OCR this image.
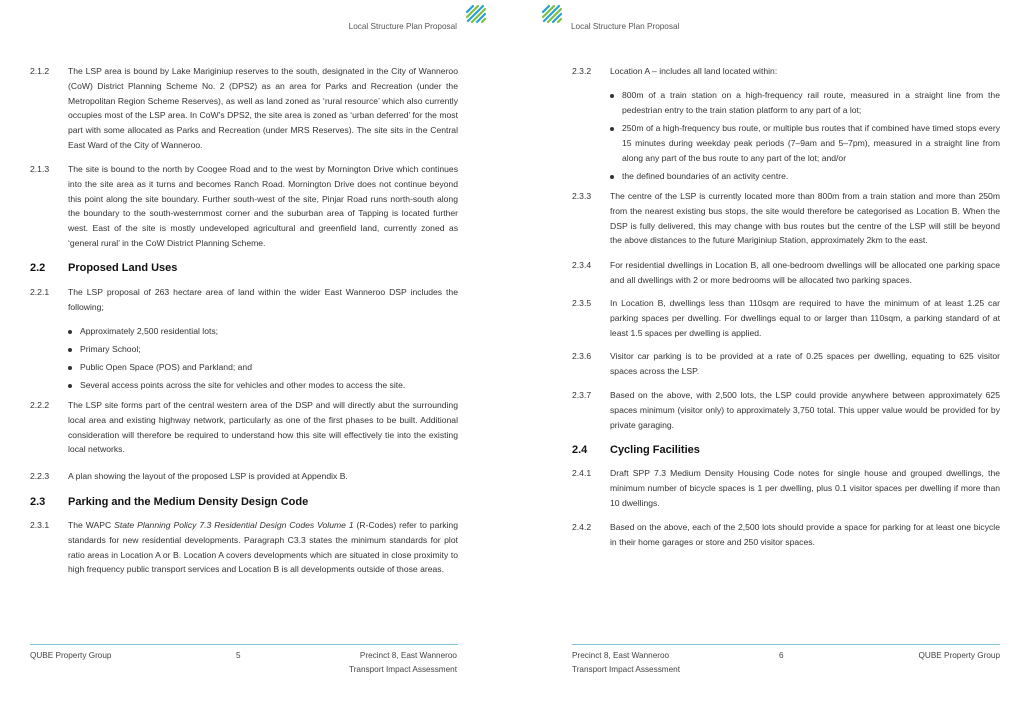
Local Structure Plan Proposal
2.1.2	The LSP area is bound by Lake Mariginiup reserves to the south, designated in the City of Wanneroo (CoW) District Planning Scheme No. 2 (DPS2) as an area for Parks and Recreation (under the Metropolitan Region Scheme Reserves), as well as land zoned as ‘rural resource’ which also currently occupies most of the LSP area. In CoW’s DPS2, the site area is zoned as ‘urban deferred’ for the most part with some allocated as Parks and Recreation (under MRS Reserves). The site sits in the Central East Ward of the City of Wanneroo.
2.1.3	The site is bound to the north by Coogee Road and to the west by Mornington Drive which continues into the site area as it turns and becomes Ranch Road. Mornington Drive does not continue beyond this point along the site boundary. Further south-west of the site, Pinjar Road runs north-south along the boundary to the south-westernmost corner and the suburban area of Tapping is located further west. East of the site is mostly undeveloped agricultural and greenfield land, currently zoned as ‘general rural’ in the CoW District Planning Scheme.
2.2 Proposed Land Uses
2.2.1	The LSP proposal of 263 hectare area of land within the wider East Wanneroo DSP includes the following;
Approximately 2,500 residential lots;
Primary School;
Public Open Space (POS) and Parkland; and
Several access points across the site for vehicles and other modes to access the site.
2.2.2	The LSP site forms part of the central western area of the DSP and will directly abut the surrounding local area and existing highway network, particularly as one of the first phases to be built. Additional consideration will therefore be required to understand how this site will effectively tie into the existing local networks.
2.2.3	A plan showing the layout of the proposed LSP is provided at Appendix B.
2.3 Parking and the Medium Density Design Code
2.3.1	The WAPC State Planning Policy 7.3 Residential Design Codes Volume 1 (R-Codes) refer to parking standards for new residential developments. Paragraph C3.3 states the minimum standards for plot ratio areas in Location A or B. Location A covers developments which are situated in close proximity to high frequency public transport services and Location B is all developments outside of those areas.
QUBE Property Group	5	Precinct 8, East Wanneroo
Transport Impact Assessment
Local Structure Plan Proposal
2.3.2	Location A – includes all land located within:
800m of a train station on a high-frequency rail route, measured in a straight line from the pedestrian entry to the train station platform to any part of a lot;
250m of a high-frequency bus route, or multiple bus routes that if combined have timed stops every 15 minutes during weekday peak periods (7–9am and 5–7pm), measured in a straight line from along any part of the bus route to any part of the lot; and/or
the defined boundaries of an activity centre.
2.3.3	The centre of the LSP is currently located more than 800m from a train station and more than 250m from the nearest existing bus stops, the site would therefore be categorised as Location B. When the DSP is fully delivered, this may change with bus routes but the centre of the LSP will still be beyond the above distances to the future Mariginiup Station, approximately 2km to the east.
2.3.4	For residential dwellings in Location B, all one-bedroom dwellings will be allocated one parking space and all dwellings with 2 or more bedrooms will be allocated two parking spaces.
2.3.5	In Location B, dwellings less than 110sqm are required to have the minimum of at least 1.25 car parking spaces per dwelling. For dwellings equal to or larger than 110sqm, a parking standard of at least 1.5 spaces per dwelling is applied.
2.3.6	Visitor car parking is to be provided at a rate of 0.25 spaces per dwelling, equating to 625 visitor spaces across the LSP.
2.3.7	Based on the above, with 2,500 lots, the LSP could provide anywhere between approximately 625 spaces minimum (visitor only) to approximately 3,750 total. This upper value would be provided for by private garaging.
2.4 Cycling Facilities
2.4.1	Draft SPP 7.3 Medium Density Housing Code notes for single house and grouped dwellings, the minimum number of bicycle spaces is 1 per dwelling, plus 0.1 visitor spaces per dwelling if more than 10 dwellings.
2.4.2	Based on the above, each of the 2,500 lots should provide a space for parking for at least one bicycle in their home garages or store and 250 visitor spaces.
Precinct 8, East Wanneroo
Transport Impact Assessment
6	QUBE Property Group
